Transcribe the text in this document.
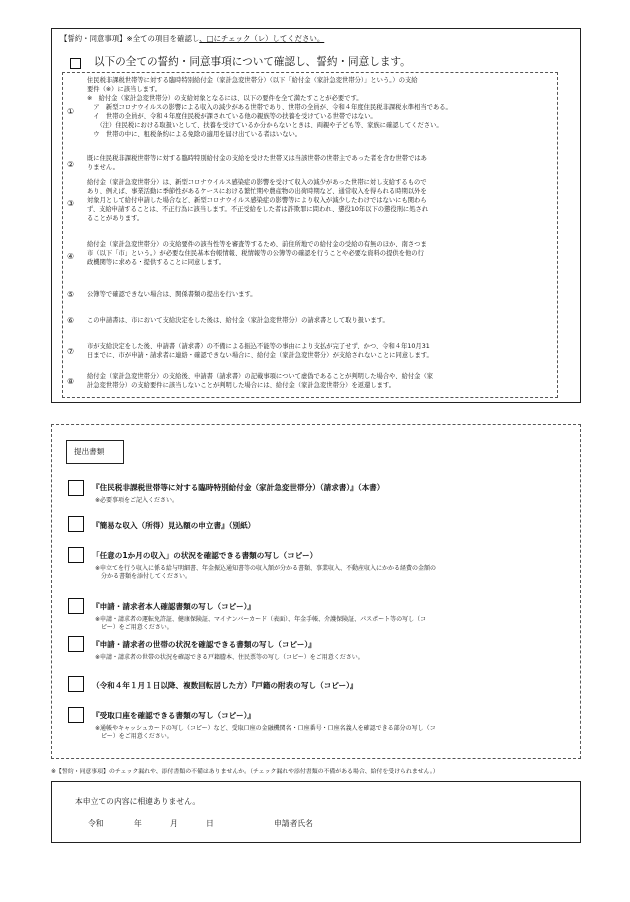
【誓約・同意事項】※全ての項目を確認し、□にチェック（レ）してください。
以下の全ての誓約・同意事項について確認し、誓約・同意します。
①
住民税非課税世帯等に対する臨時特別給付金（家計急変世帯分）（以下「給付金（家計急変世帯分）」という。）の支給
要件（※）に該当します。
※　給付金（家計急変世帯分）の支給対象となるには、以下の要件を全て満たすことが必要です。
　ア　新型コロナウイルスの影響による収入の減少がある世帯であり、世帯の全員が、令和４年度住民税非課税水準相当である。
　イ　世帯の全員が、令和４年度住民税が課されている他の親族等の扶養を受けている世帯ではない。
　　（注）住民税における取扱いとして、扶養を受けているか分からないときは、両親や子ども等、家族に確認してください。
　ウ　世帯の中に、租税条約による免除の適用を届け出ている者はいない。
②
既に住民税非課税世帯等に対する臨時特別給付金の支給を受けた世帯又は当該世帯の世帯主であった者を含む世帯ではあ
りません。
③
給付金（家計急変世帯分）は、新型コロナウイルス感染症の影響を受けて収入の減少があった世帯に対し支給するもので
あり、例えば、事業活動に季節性があるケースにおける繁忙期や農産物の出荷時期など、通常収入を得られる時期以外を
対象月として給付申請した場合など、新型コロナウイルス感染症の影響等により収入が減少したわけではないにも関わら
ず、支給申請することは、不正行為に該当します。不正受給をした者は詐欺罪に問われ、懲役10年以下の懲役刑に処され
ることがあります。
④
給付金（家計急変世帯分）の支給要件の該当性等を審査等するため、前住所地での給付金の受給の有無のほか、南さつま
市（以下「市」という。）が必要な住民基本台帳情報、税情報等の公簿等の確認を行うことや必要な資料の提供を他の行
政機関等に求める・提供することに同意します。
⑤ 公簿等で確認できない場合は、関係書類の提出を行います。
⑥ この申請書は、市において支給決定をした後は、給付金（家計急変世帯分）の請求書として取り扱います。
⑦
市が支給決定をした後、申請書（請求書）の不備による振込不能等の事由により支払が完了せず、かつ、令和４年10月31
日までに、市が申請・請求者に連絡・確認できない場合に、給付金（家計急変世帯分）が支給されないことに同意します。
⑧
給付金（家計急変世帯分）の支給後、申請書（請求書）の記載事項について虚偽であることが判明した場合や、給付金（家
計急変世帯分）の支給要件に該当しないことが判明した場合には、給付金（家計急変世帯分）を返還します。
提出書類
『住民税非課税世帯等に対する臨時特別給付金（家計急変世帯分）（請求書）』（本書）
※必要事項をご記入ください。
『簡易な収入（所得）見込額の申立書』（別紙）
「任意の1か月の収入」の状況を確認できる書類の写し（コピー）
※申立てを行う収入に係る給与明細書、年金振込通知書等の収入額が分かる書類、事業収入、不動産収入にかかる経費の金額の
　分かる書類を添付してください。
『申請・請求者本人確認書類の写し（コピー）』
※申請・請求者の運転免許証、健康保険証、マイナンバーカード（表面）、年金手帳、介護保険証、パスポート等の写し（コ
　ピー）をご用意ください。
『申請・請求者の世帯の状況を確認できる書類の写し（コピー）』
※申請・請求者の世帯の状況を確認できる戸籍謄本、住民票等の写し（コピー）をご用意ください。
（令和４年１月１日以降、複数回転居した方）『戸籍の附表の写し（コピー）』
『受取口座を確認できる書類の写し（コピー）』
※通帳やキャッシュカードの写し（コピー）など、受取口座の金融機関名・口座番号・口座名義人を確認できる部分の写し（コ
　ピー）をご用意ください。
※【誓約・同意事項】のチェック漏れや、添付書類の不備はありませんか。（チェック漏れや添付書類の不備がある場合、給付を受けられません。）
本申立ての内容に相違ありません。
令和	年	月	日	申請者氏名
